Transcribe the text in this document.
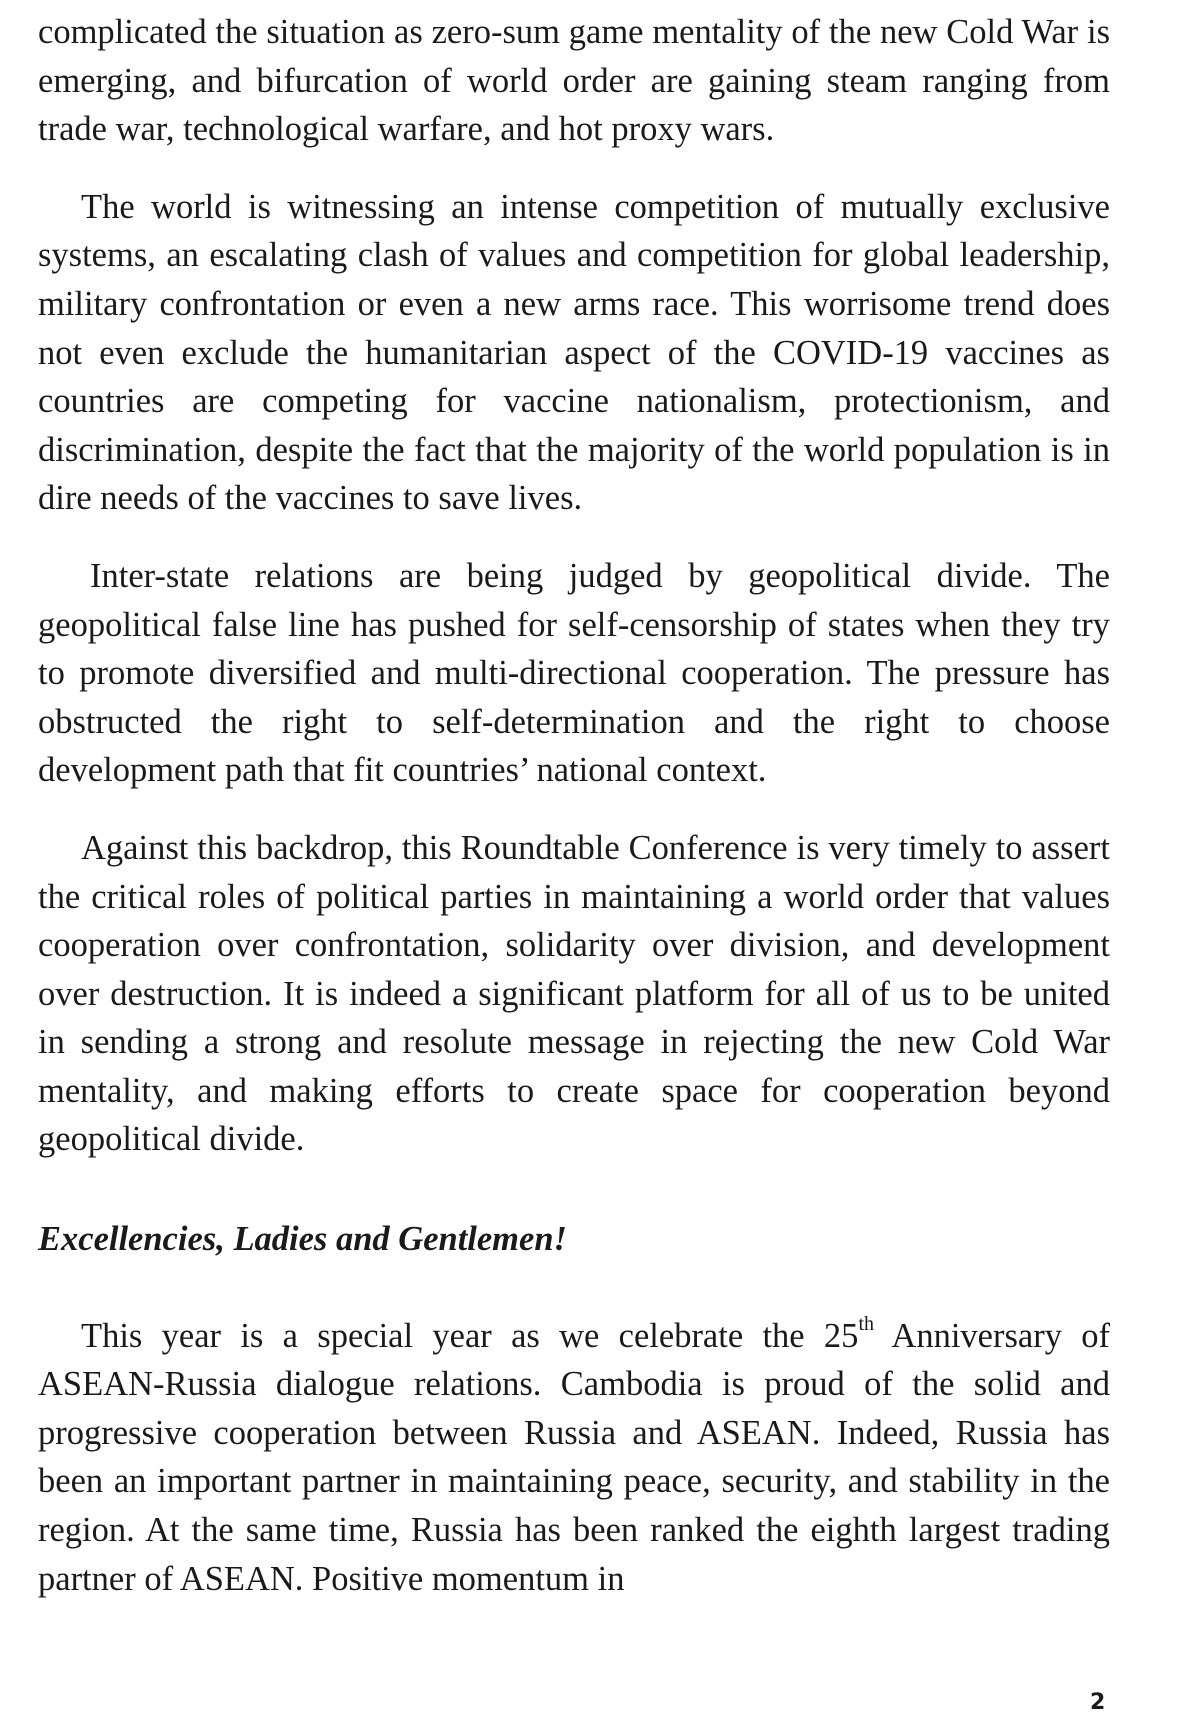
complicated the situation as zero-sum game mentality of the new Cold War is emerging, and bifurcation of world order are gaining steam ranging from trade war, technological warfare, and hot proxy wars.

The world is witnessing an intense competition of mutually exclusive systems, an escalating clash of values and competition for global leadership, military confrontation or even a new arms race. This worrisome trend does not even exclude the humanitarian aspect of the COVID-19 vaccines as countries are competing for vaccine nationalism, protectionism, and discrimination, despite the fact that the majority of the world population is in dire needs of the vaccines to save lives.

Inter-state relations are being judged by geopolitical divide. The geopolitical false line has pushed for self-censorship of states when they try to promote diversified and multi-directional cooperation. The pressure has obstructed the right to self-determination and the right to choose development path that fit countries’ national context.

Against this backdrop, this Roundtable Conference is very timely to assert the critical roles of political parties in maintaining a world order that values cooperation over confrontation, solidarity over division, and development over destruction. It is indeed a significant platform for all of us to be united in sending a strong and resolute message in rejecting the new Cold War mentality, and making efforts to create space for cooperation beyond geopolitical divide.

Excellencies, Ladies and Gentlemen!

This year is a special year as we celebrate the 25th Anniversary of ASEAN-Russia dialogue relations. Cambodia is proud of the solid and progressive cooperation between Russia and ASEAN. Indeed, Russia has been an important partner in maintaining peace, security, and stability in the region. At the same time, Russia has been ranked the eighth largest trading partner of ASEAN. Positive momentum in

2
